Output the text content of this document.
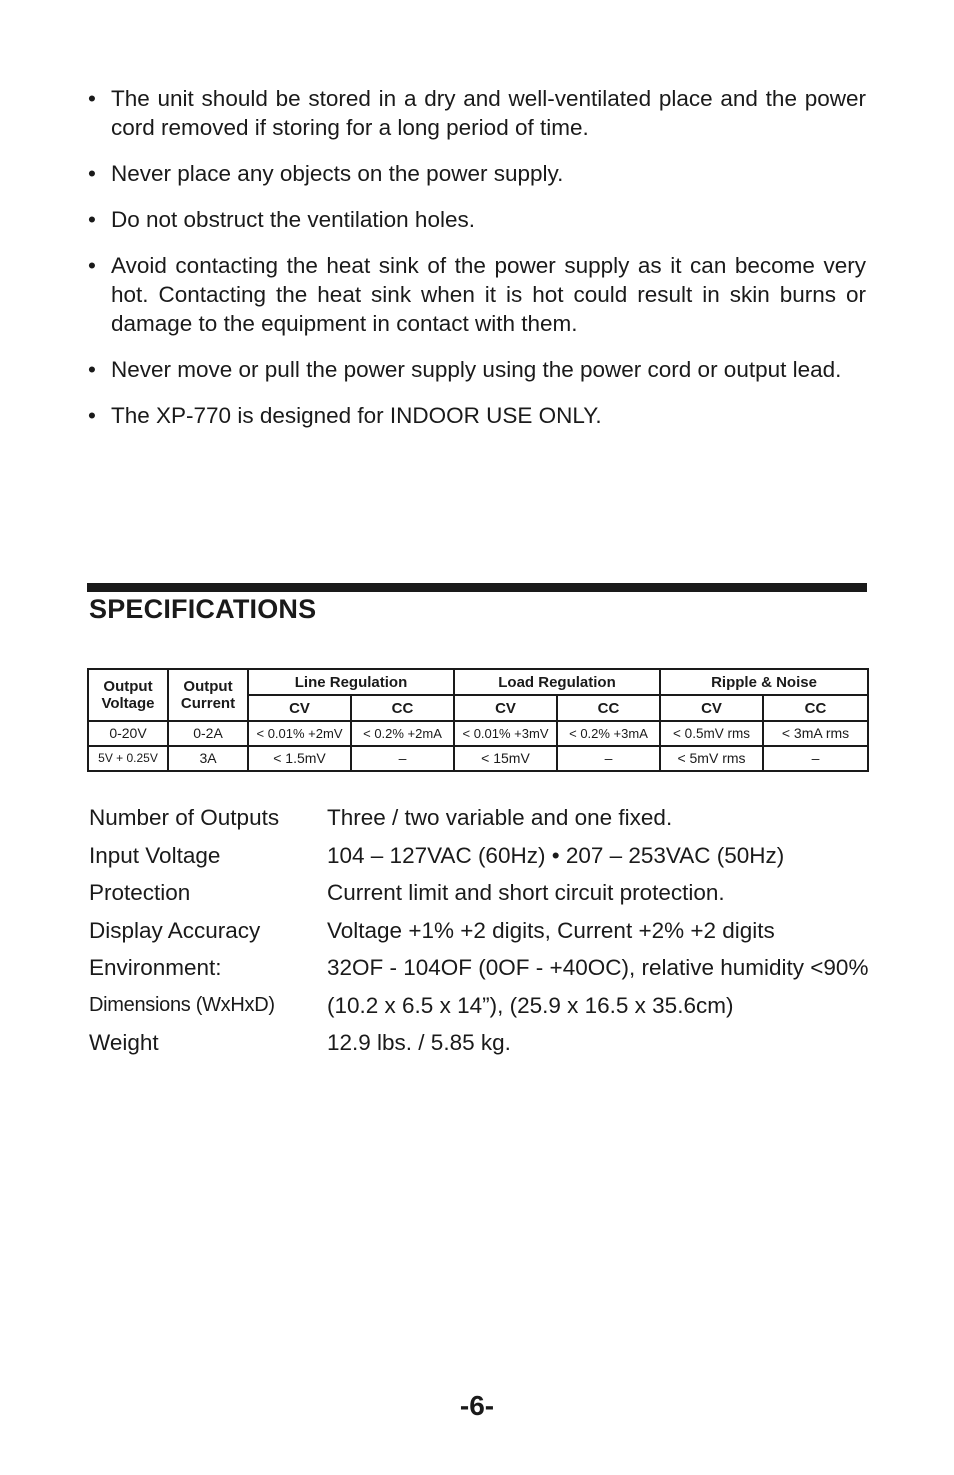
• The unit should be stored in a dry and well-ventilated place and the power cord removed if storing for a long period of time.
• Never place any objects on the power supply.
• Do not obstruct the ventilation holes.
• Avoid contacting the heat sink of the power supply as it can become very hot. Contacting the heat sink when it is hot could result in skin burns or damage to the equipment in contact with them.
• Never move or pull the power supply using the power cord or output lead.
• The XP-770 is designed for INDOOR USE ONLY.
SPECIFICATIONS
Output Voltage	Output Current	Line Regulation		Load Regulation		Ripple & Noise	
		CV	CC	CV	CC	CV	CC
0-20V	0-2A	< 0.01% +2mV	< 0.2% +2mA	< 0.01% +3mV	< 0.2% +3mA	< 0.5mV rms	< 3mA rms
5V + 0.25V	3A	< 1.5mV	–	< 15mV	–	< 5mV rms	–
Number of Outputs	Three / two variable and one fixed.
Input Voltage	104 – 127VAC (60Hz) • 207 – 253VAC (50Hz)
Protection	Current limit and short circuit protection.
Display Accuracy	Voltage +1% +2 digits, Current +2% +2 digits
Environment:	32OF - 104OF (0OF - +40OC), relative humidity <90%
Dimensions (WxHxD)	(10.2 x 6.5 x 14”), (25.9 x 16.5 x 35.6cm)
Weight	12.9 lbs. / 5.85 kg.
-6-
